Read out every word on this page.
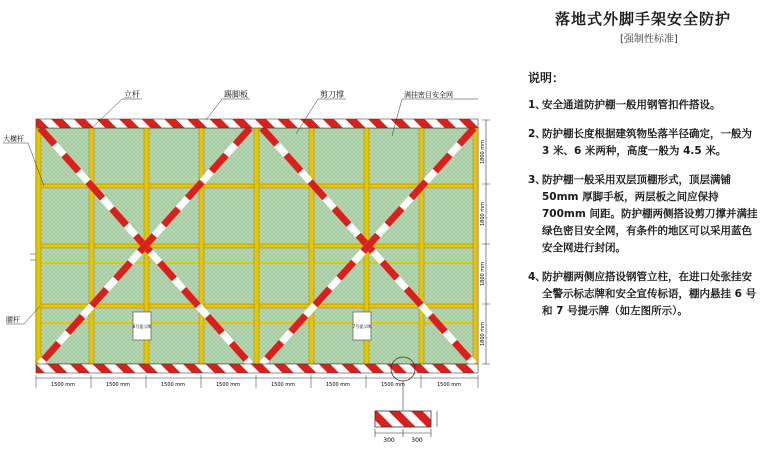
落地式外脚手架安全防护
[强制性标准]
说明：
1、
安全通道防护棚一般用钢管扣件搭设。
2、
防护棚长度根据建筑物坠落半径确定，一般为 3 米、6 米两种，高度一般为 4.5 米。
3、
防护棚一般采用双层顶棚形式，顶层满铺 50mm 厚脚手板，两层板之间应保持 700mm 间距。防护棚两侧搭设剪刀撑并满挂绿色密目安全网，有条件的地区可以采用蓝色安全网进行封闭。
4、
防护棚两侧应搭设钢管立柱，在进口处张挂安全警示标志牌和安全宣传标语，棚内悬挂 6 号和 7 号提示牌（如左图所示）。
6号提示牌	7号提示牌
300	300
1500 mm	1500 mm	1500 mm	1500 mm	1500 mm	1500 mm	1500 mm	1500 mm
1800 mm
1800 mm
1800 mm
1800 mm
立杆	踢脚板	剪刀撑	满挂密目安全网
大横杆
腰杆
